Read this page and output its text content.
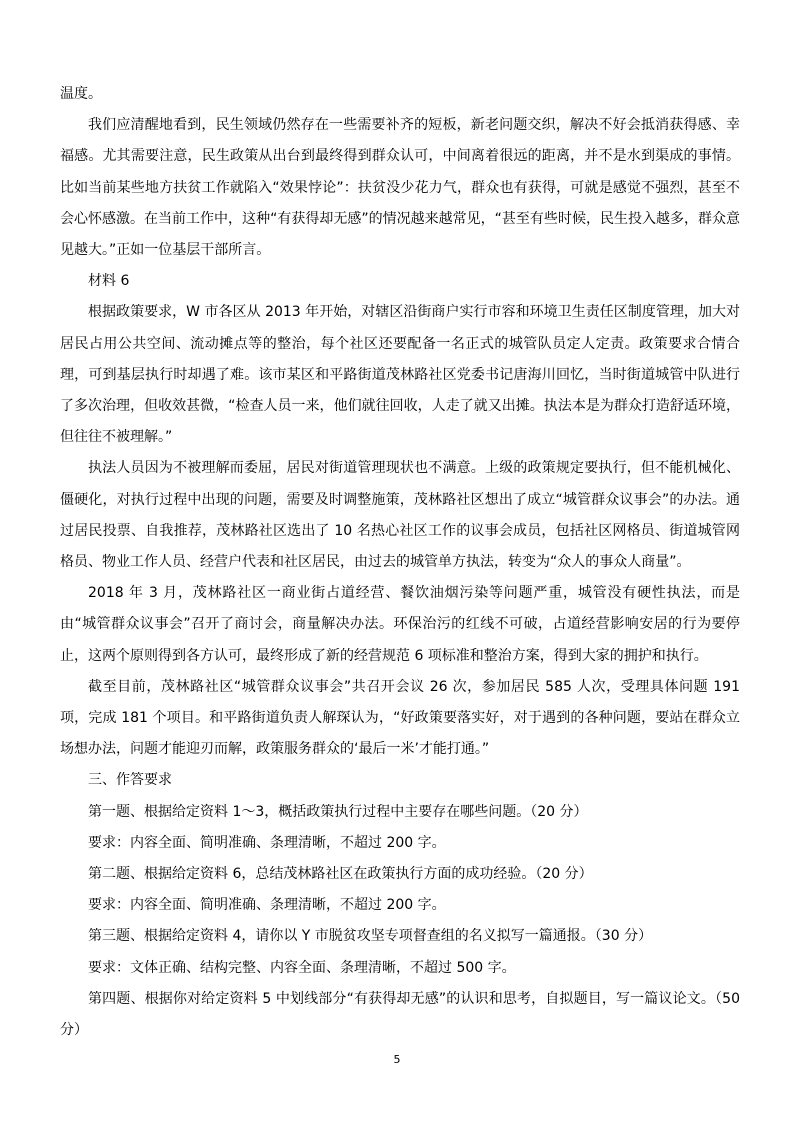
温度。

我们应清醒地看到，民生领域仍然存在一些需要补齐的短板，新老问题交织，解决不好会抵消获得感、幸福感。尤其需要注意，民生政策从出台到最终得到群众认可，中间离着很远的距离，并不是水到渠成的事情。比如当前某些地方扶贫工作就陷入“效果悖论”：扶贫没少花力气，群众也有获得，可就是感觉不强烈，甚至不会心怀感激。在当前工作中，这种“有获得却无感”的情况越来越常见，“甚至有些时候，民生投入越多，群众意见越大。”正如一位基层干部所言。

材料 6

根据政策要求，W 市各区从 2013 年开始，对辖区沿街商户实行市容和环境卫生责任区制度管理，加大对居民占用公共空间、流动摊点等的整治，每个社区还要配备一名正式的城管队员定人定责。政策要求合情合理，可到基层执行时却遇了难。该市某区和平路街道茂林路社区党委书记唐海川回忆，当时街道城管中队进行了多次治理，但收效甚微，“检查人员一来，他们就往回收，人走了就又出摊。执法本是为群众打造舒适环境，但往往不被理解。”

执法人员因为不被理解而委屈，居民对街道管理现状也不满意。上级的政策规定要执行，但不能机械化、僵硬化，对执行过程中出现的问题，需要及时调整施策，茂林路社区想出了成立“城管群众议事会”的办法。通过居民投票、自我推荐，茂林路社区选出了 10 名热心社区工作的议事会成员，包括社区网格员、街道城管网格员、物业工作人员、经营户代表和社区居民，由过去的城管单方执法，转变为“众人的事众人商量”。

2018 年 3 月，茂林路社区一商业街占道经营、餐饮油烟污染等问题严重，城管没有硬性执法，而是由“城管群众议事会”召开了商讨会，商量解决办法。环保治污的红线不可破，占道经营影响安居的行为要停止，这两个原则得到各方认可，最终形成了新的经营规范 6 项标准和整治方案，得到大家的拥护和执行。

截至目前，茂林路社区“城管群众议事会”共召开会议 26 次，参加居民 585 人次，受理具体问题 191 项，完成 181 个项目。和平路街道负责人解琛认为，“好政策要落实好，对于遇到的各种问题，要站在群众立场想办法，问题才能迎刃而解，政策服务群众的‘最后一米’才能打通。”

三、作答要求

第一题、根据给定资料 1～3，概括政策执行过程中主要存在哪些问题。（20 分）

要求：内容全面、简明准确、条理清晰，不超过 200 字。

第二题、根据给定资料 6，总结茂林路社区在政策执行方面的成功经验。（20 分）

要求：内容全面、简明准确、条理清晰，不超过 200 字。

第三题、根据给定资料 4，请你以 Y 市脱贫攻坚专项督查组的名义拟写一篇通报。（30 分）

要求：文体正确、结构完整、内容全面、条理清晰，不超过 500 字。

第四题、根据你对给定资料 5 中划线部分“有获得却无感”的认识和思考，自拟题目，写一篇议论文。（50 分）

5
